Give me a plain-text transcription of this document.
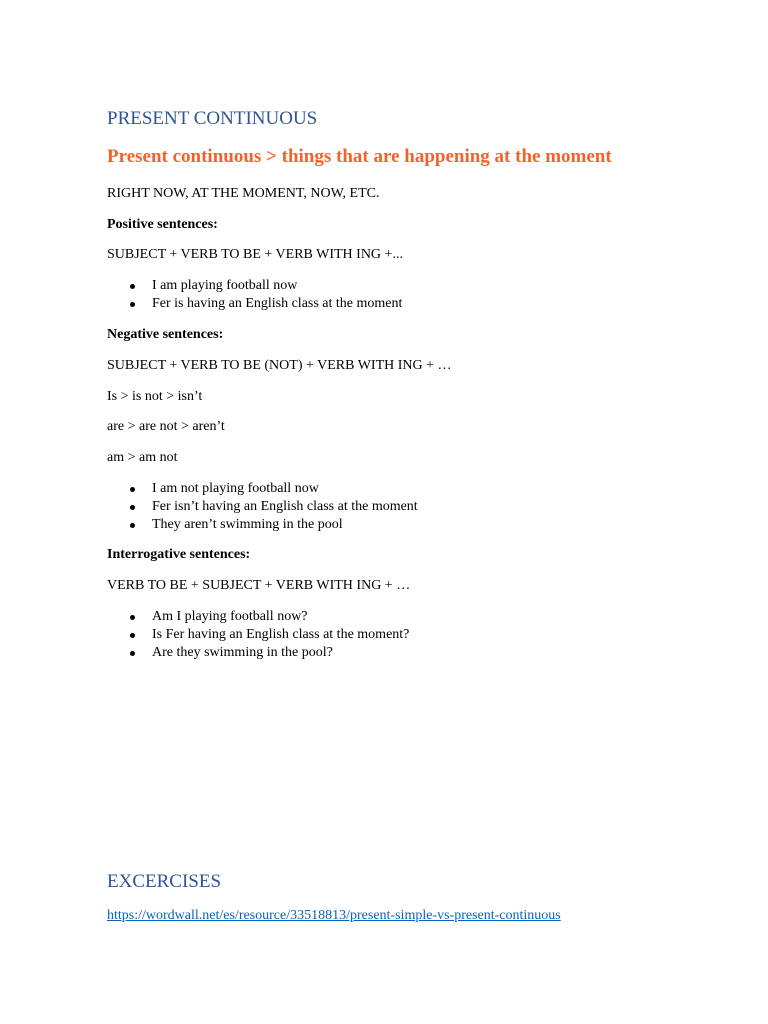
PRESENT CONTINUOUS
Present continuous > things that are happening at the moment
RIGHT NOW, AT THE MOMENT, NOW, ETC.
Positive sentences:
SUBJECT + VERB TO BE + VERB WITH ING +...
I am playing football now
Fer is having an English class at the moment
Negative sentences:
SUBJECT + VERB TO BE (NOT) + VERB WITH ING + …
Is > is not > isn’t
are > are not > aren’t
am > am not
I am not playing football now
Fer isn’t having an English class at the moment
They aren’t swimming in the pool
Interrogative sentences:
VERB TO BE + SUBJECT + VERB WITH ING + …
Am I playing football now?
Is Fer having an English class at the moment?
Are they swimming in the pool?
EXCERCISES
https://wordwall.net/es/resource/33518813/present-simple-vs-present-continuous
